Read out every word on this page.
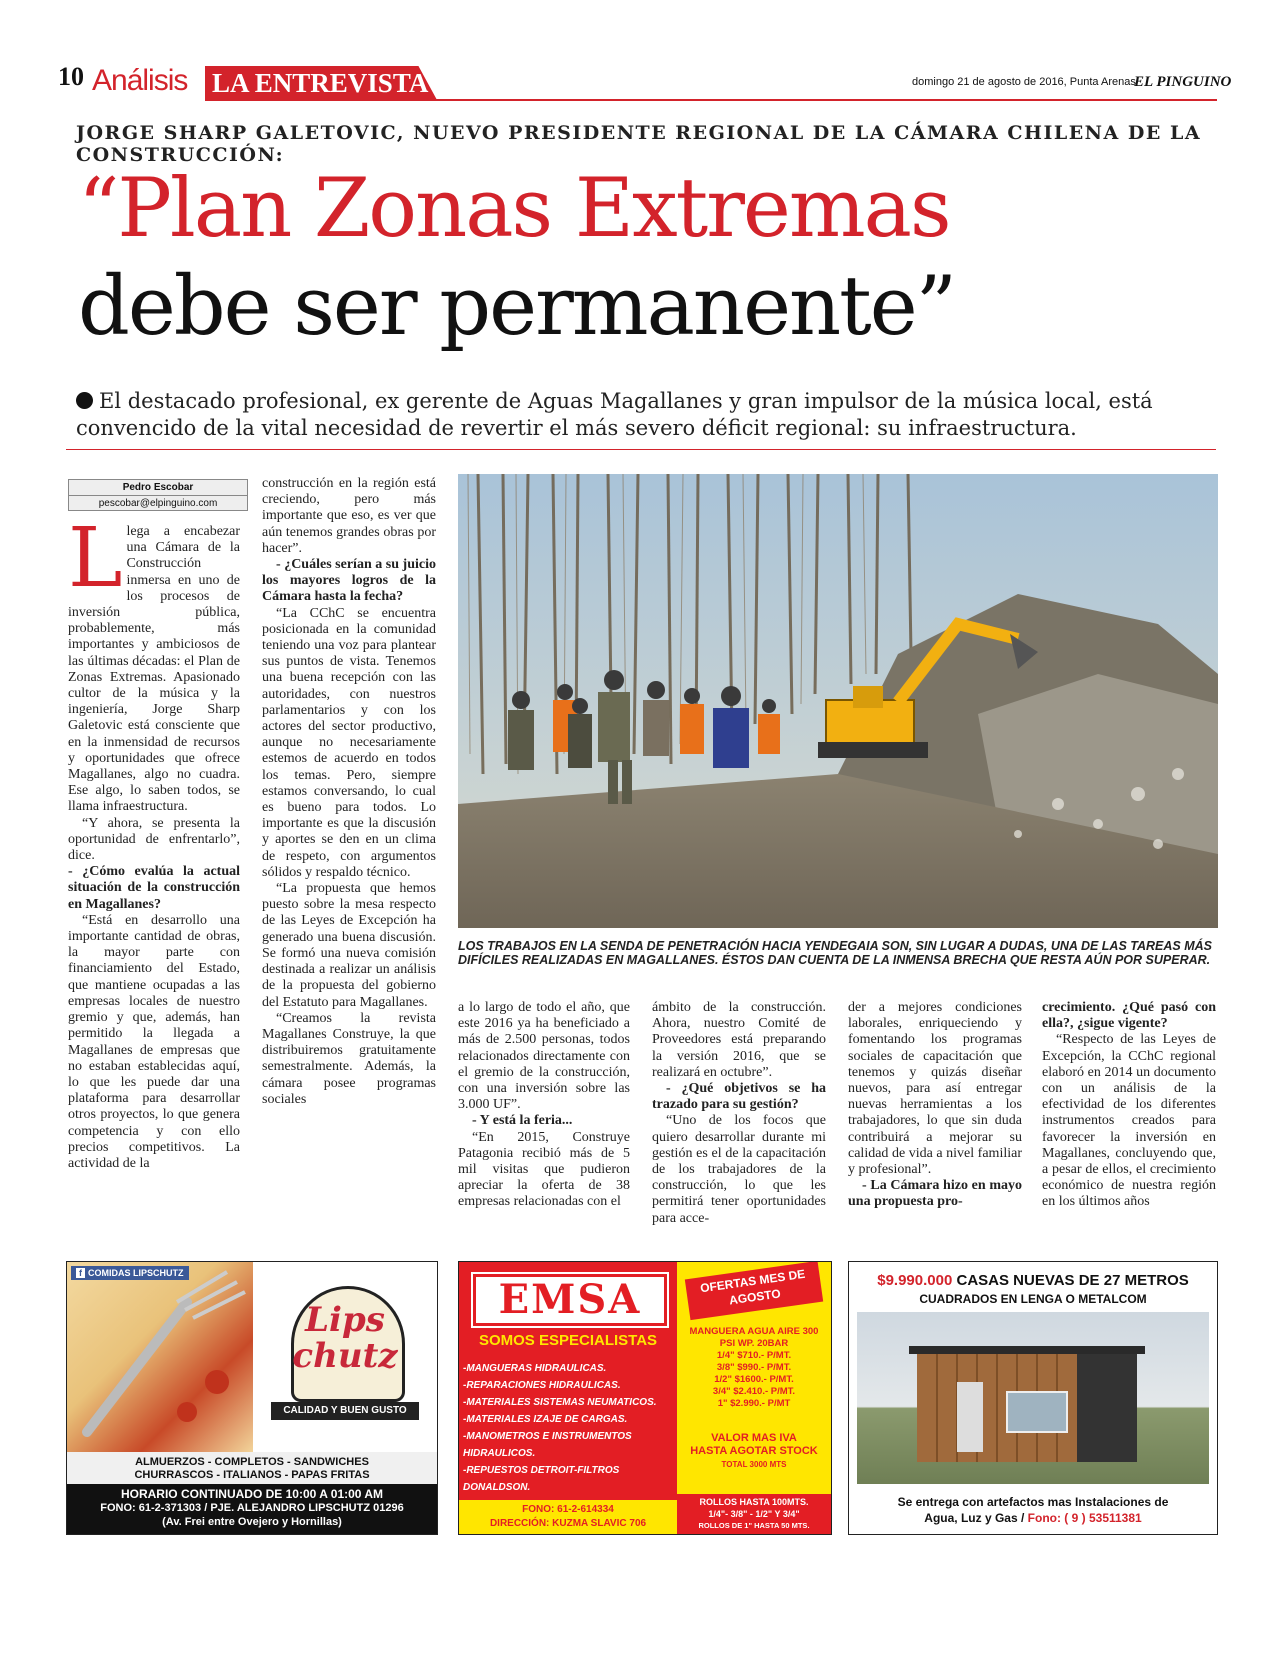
10 Análisis LA ENTREVISTA	domingo 21 de agosto de 2016, Punta Arenas
EL PINGUINO
JORGE SHARP GALETOVIC, NUEVO PRESIDENTE REGIONAL DE LA CÁMARA CHILENA DE LA CONSTRUCCIÓN:
“Plan Zonas Extremas
debe ser permanente”
El destacado profesional, ex gerente de Aguas Magallanes y gran impulsor de la música local, está convencido de la vital necesidad de revertir el más severo déficit regional: su infraestructura.
Pedro Escobar
pescobar@elpinguino.com
L lega a encabezar una Cámara de la Construcción inmersa en uno de los procesos de inversión pública, probablemente, más importantes y ambiciosos de las últimas décadas: el Plan de Zonas Extremas. Apasionado cultor de la música y la ingeniería, Jorge Sharp Galetovic está consciente que en la inmensidad de recursos y oportunidades que ofrece Magallanes, algo no cuadra. Ese algo, lo saben todos, se llama infraestructura.

“Y ahora, se presenta la oportunidad de enfrentarlo”, dice.

- ¿Cómo evalúa la actual situación de la construcción en Magallanes?

“Está en desarrollo una importante cantidad de obras, la mayor parte con financiamiento del Estado, que mantiene ocupadas a las empresas locales de nuestro gremio y que, además, han permitido la llegada a Magallanes de empresas que no estaban establecidas aquí, lo que les puede dar una plataforma para desarrollar otros proyectos, lo que genera competencia y con ello precios competitivos. La actividad de la

construcción en la región está creciendo, pero más importante que eso, es ver que aún tenemos grandes obras por hacer”.

- ¿Cuáles serían a su juicio los mayores logros de la Cámara hasta la fecha?

“La CChC se encuentra posicionada en la comunidad teniendo una voz para plantear sus puntos de vista. Tenemos una buena recepción con las autoridades, con nuestros parlamentarios y con los actores del sector productivo, aunque no necesariamente estemos de acuerdo en todos los temas. Pero, siempre estamos conversando, lo cual es bueno para todos. Lo importante es que la discusión y aportes se den en un clima de respeto, con argumentos sólidos y respaldo técnico.

“La propuesta que hemos puesto sobre la mesa respecto de las Leyes de Excepción ha generado una buena discusión. Se formó una nueva comisión destinada a realizar un análisis de la propuesta del gobierno del Estatuto para Magallanes.

“Creamos la revista Magallanes Construye, la que distribuiremos gratuitamente semestralmente. Además, la cámara posee programas sociales

LOS TRABAJOS EN LA SENDA DE PENETRACIÓN HACIA YENDEGAIA SON, SIN LUGAR A DUDAS, UNA DE LAS TAREAS MÁS DIFÍCILES REALIZADAS EN MAGALLANES. ÉSTOS DAN CUENTA DE LA INMENSA BRECHA QUE RESTA AÚN POR SUPERAR.

a lo largo de todo el año, que este 2016 ya ha beneficiado a más de 2.500 personas, todos relacionados directamente con el gremio de la construcción, con una inversión sobre las 3.000 UF”.

- Y está la feria...

“En 2015, Construye Patagonia recibió más de 5 mil visitas que pudieron apreciar la oferta de 38 empresas relacionadas con el

ámbito de la construcción. Ahora, nuestro Comité de Proveedores está preparando la versión 2016, que se realizará en octubre”.

- ¿Qué objetivos se ha trazado para su gestión?

“Uno de los focos que quiero desarrollar durante mi gestión es el de la capacitación de los trabajadores de la construcción, lo que les permitirá tener oportunidades para acce-

der a mejores condiciones laborales, enriqueciendo y fomentando los programas sociales de capacitación que tenemos y quizás diseñar nuevos, para así entregar nuevas herramientas a los trabajadores, lo que sin duda contribuirá a mejorar su calidad de vida a nivel familiar y profesional”.

- La Cámara hizo en mayo una propuesta pro-

crecimiento. ¿Qué pasó con ella?, ¿sigue vigente?

“Respecto de las Leyes de Excepción, la CChC regional elaboró en 2014 un documento con un análisis de la efectividad de los diferentes instrumentos creados para favorecer la inversión en Magallanes, concluyendo que, a pesar de ellos, el crecimiento económico de nuestra región en los últimos años

f COMIDAS LIPSCHUTZ
Lips
chutz
CALIDAD Y BUEN GUSTO
ALMUERZOS - COMPLETOS - SANDWICHES
CHURRASCOS - ITALIANOS - PAPAS FRITAS
HORARIO CONTINUADO DE 10:00 A 01:00 AM
FONO: 61-2-371303 / PJE. ALEJANDRO LIPSCHUTZ 01296
(Av. Frei entre Ovejero y Hornillas)
EMSA
SOMOS ESPECIALISTAS
-MANGUERAS HIDRAULICAS.
-REPARACIONES HIDRAULICAS.
-MATERIALES SISTEMAS NEUMATICOS.
-MATERIALES IZAJE DE CARGAS.
-MANOMETROS E INSTRUMENTOS HIDRAULICOS.
-REPUESTOS DETROIT-FILTROS DONALDSON.
FONO: 61-2-614334
DIRECCIÓN: KUZMA SLAVIC 706
OFERTAS MES DE AGOSTO
MANGUERA AGUA AIRE 300 PSI WP. 20BAR
1/4" $710.- P/MT.
3/8" $990.- P/MT.
1/2" $1600.- P/MT.
3/4" $2.410.- P/MT.
1" $2.990.- P/MT
VALOR MAS IVA
HASTA AGOTAR STOCK
TOTAL 3000 MTS
ROLLOS HASTA 100MTS.
1/4"- 3/8" - 1/2" Y 3/4"
ROLLOS DE 1" HASTA 50 MTS.
$9.990.000 CASAS NUEVAS DE 27 METROS
CUADRADOS EN LENGA O METALCOM
Se entrega con artefactos mas Instalaciones de
Agua, Luz y Gas / Fono: ( 9 ) 53511381
